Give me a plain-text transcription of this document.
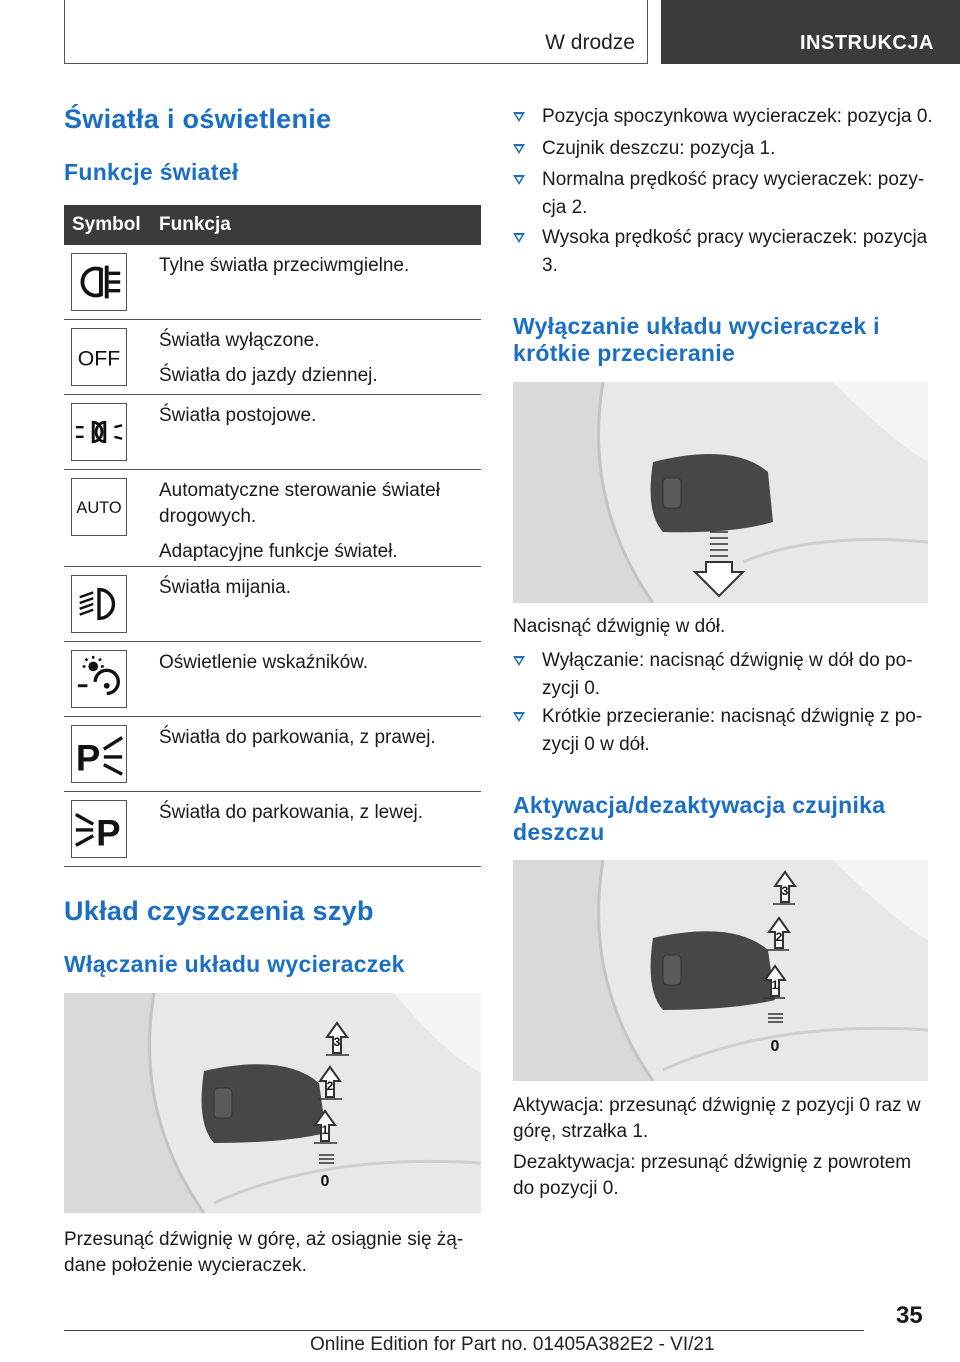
W drodze	INSTRUKCJA
Światła i oświetlenie
Funkcje świateł
Symbol Funkcja

Tylne światła przeciwmgielne.

OFF

Światła wyłączone.

Światła do jazdy dziennej.

Światła postojowe.

AUTO

Automatyczne sterowanie świateł drogowych.

Adaptacyjne funkcje świateł.

Światła mijania.

Oświetlenie wskaźników.

P	Światła do parkowania, z prawej.

P Światła do parkowania, z lewej.

Układ czyszczenia szyb
Włączanie układu wycieraczek
3
2
1
0
Przesunąć dźwignię w górę, aż osiągnie się żą-dane położenie wycieraczek.
Pozycja spoczynkowa wycieraczek: pozycja 0.
Czujnik deszczu: pozycja 1.
Normalna prędkość pracy wycieraczek: pozy-cja 2.
Wysoka prędkość pracy wycieraczek: pozycja 3.
Wyłączanie układu wycieraczek i krótkie przecieranie
Nacisnąć dźwignię w dół.
Wyłączanie: nacisnąć dźwignię w dół do po-zycji 0.
Krótkie przecieranie: nacisnąć dźwignię z po-zycji 0 w dół.
Aktywacja/dezaktywacja czujnika deszczu
3
2
1
0
Aktywacja: przesunąć dźwignię z pozycji 0 raz w górę, strzałka 1.
Dezaktywacja: przesunąć dźwignię z powrotem do pozycji 0.
35
Online Edition for Part no. 01405A382E2 - VI/21
